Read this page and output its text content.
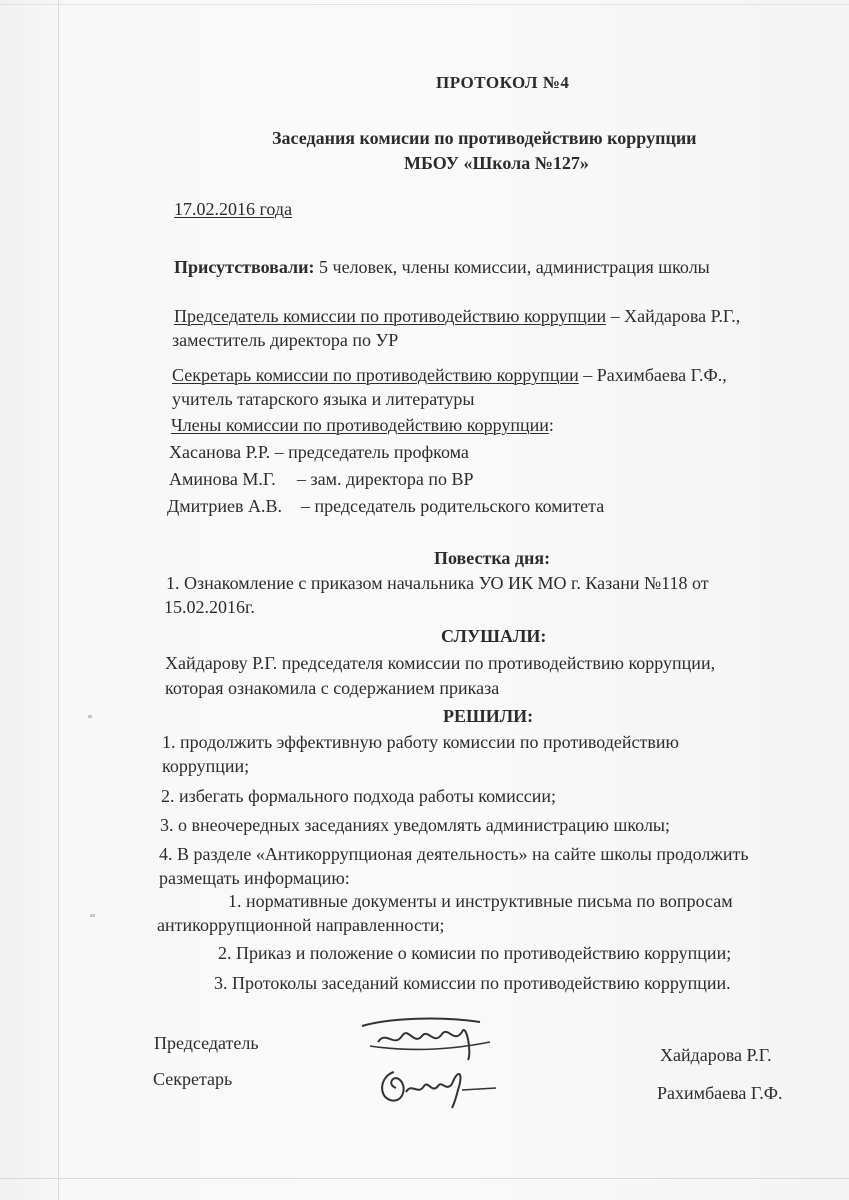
ПРОТОКОЛ №4
Заседания комисии по противодействию коррупции
МБОУ «Школа №127»
17.02.2016 года
Присутствовали: 5 человек, члены комиссии, администрация школы
Председатель комиссии по противодействию коррупции – Хайдарова Р.Г.,
заместитель директора по УР
Секретарь комиссии по противодействию коррупции – Рахимбаева Г.Ф.,
учитель татарского языка и литературы
Члены комиссии по противодействию коррупции:
Хасанова Р.Р. – председатель профкома
Аминова М.Г. – зам. директора по ВР
Дмитриев А.В. – председатель родительского комитета
Повестка дня:
1. Ознакомление с приказом начальника УО ИК МО г. Казани №118 от
15.02.2016г.
СЛУШАЛИ:
Хайдарову Р.Г. председателя комиссии по противодействию коррупции,
которая ознакомила с содержанием приказа
РЕШИЛИ:
1. продолжить эффективную работу комиссии по противодействию
коррупции;
2. избегать формального подхода работы комиссии;
3. о внеочередных заседаниях уведомлять администрацию школы;
4. В разделе «Антикоррупционая деятельность» на сайте школы продолжить
размещать информацию:
1. нормативные документы и инструктивные письма по вопросам
антикоррупционной направленности;
2. Приказ и положение о комисии по противодействию коррупции;
3. Протоколы заседаний комиссии по противодействию коррупции.
Председатель
Хайдарова Р.Г.
Секретарь
Рахимбаева Г.Ф.
